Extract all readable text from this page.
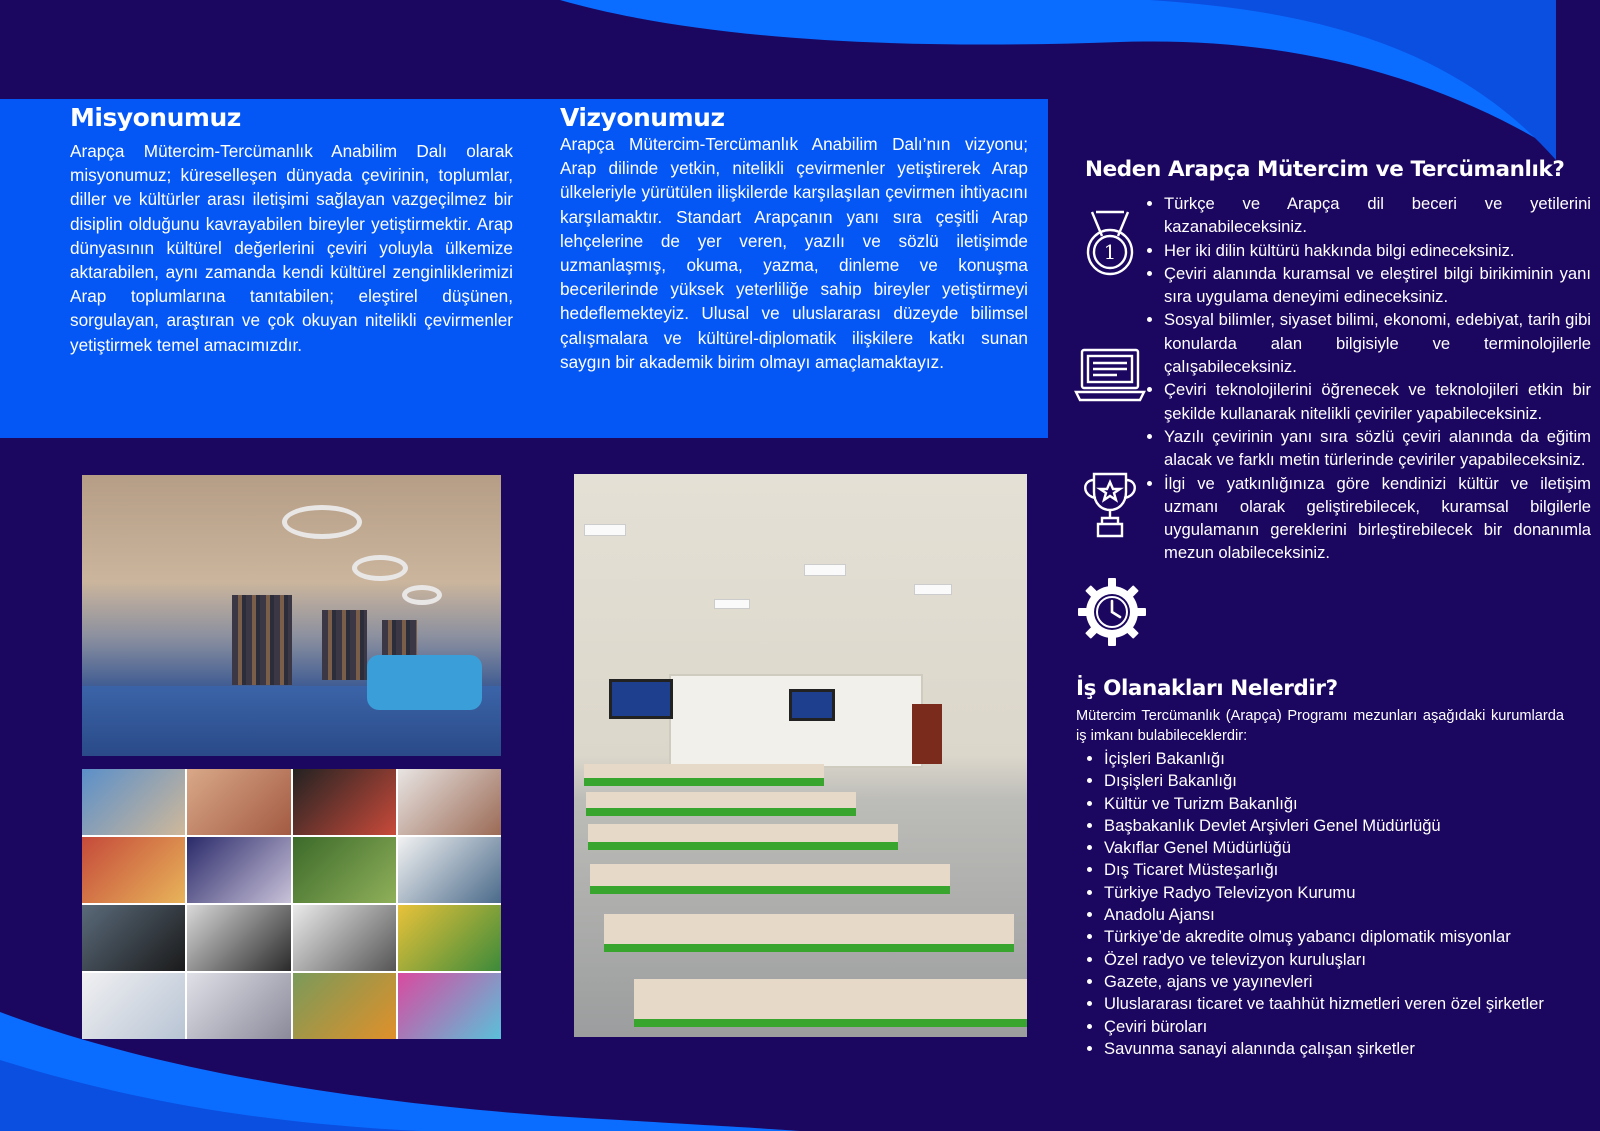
Misyonumuz

Arapça Mütercim-Tercümanlık Anabilim Dalı olarak misyonumuz; küreselleşen dünyada çevirinin, toplumlar, diller ve kültürler arası iletişimi sağlayan vazgeçilmez bir disiplin olduğunu kavrayabilen bireyler yetiştirmektir. Arap dünyasının kültürel değerlerini çeviri yoluyla ülkemize aktarabilen, aynı zamanda kendi kültürel zenginliklerimizi Arap toplumlarına tanıtabilen; eleştirel düşünen, sorgulayan, araştıran ve çok okuyan nitelikli çevirmenler yetiştirmek temel amacımızdır.

Vizyonumuz

Arapça Mütercim-Tercümanlık Anabilim Dalı’nın vizyonu; Arap dilinde yetkin, nitelikli çevirmenler yetiştirerek Arap ülkeleriyle yürütülen ilişkilerde karşılaşılan çevirmen ihtiyacını karşılamaktır. Standart Arapçanın yanı sıra çeşitli Arap lehçelerine de yer veren, yazılı ve sözlü iletişimde uzmanlaşmış, okuma, yazma, dinleme ve konuşma becerilerinde yüksek yeterliliğe sahip bireyler yetiştirmeyi hedeflemekteyiz. Ulusal ve uluslararası düzeyde bilimsel çalışmalara ve kültürel-diplomatik ilişkilere katkı sunan saygın bir akademik birim olmayı amaçlamaktayız.

Neden Arapça Mütercim ve Tercümanlık?
• Türkçe ve Arapça dil beceri ve yetilerini kazanabileceksiniz.
• Her iki dilin kültürü hakkında bilgi edineceksiniz.
• Çeviri alanında kuramsal ve eleştirel bilgi birikiminin yanı sıra uygulama deneyimi edineceksiniz.
• Sosyal bilimler, siyaset bilimi, ekonomi, edebiyat, tarih gibi konularda alan bilgisiyle ve terminolojilerle çalışabileceksiniz.
• Çeviri teknolojilerini öğrenecek ve teknolojileri etkin bir şekilde kullanarak nitelikli çeviriler yapabileceksiniz.
• Yazılı çevirinin yanı sıra sözlü çeviri alanında da eğitim alacak ve farklı metin türlerinde çeviriler yapabileceksiniz.
• İlgi ve yatkınlığınıza göre kendinizi kültür ve iletişim uzmanı olarak geliştirebilecek, kuramsal bilgilerle uygulamanın gereklerini birleştirebilecek bir donanımla mezun olabileceksiniz.
1
İş Olanakları Nelerdir?

Mütercim Tercümanlık (Arapça) Programı mezunları aşağıdaki kurumlarda iş imkanı bulabileceklerdir:

• İçişleri Bakanlığı
• Dışişleri Bakanlığı
• Kültür ve Turizm Bakanlığı
• Başbakanlık Devlet Arşivleri Genel Müdürlüğü
• Vakıflar Genel Müdürlüğü
• Dış Ticaret Müsteşarlığı
• Türkiye Radyo Televizyon Kurumu
• Anadolu Ajansı
• Türkiye’de akredite olmuş yabancı diplomatik misyonlar
• Özel radyo ve televizyon kuruluşları
• Gazete, ajans ve yayınevleri
• Uluslararası ticaret ve taahhüt hizmetleri veren özel şirketler
• Çeviri büroları
• Savunma sanayi alanında çalışan şirketler
